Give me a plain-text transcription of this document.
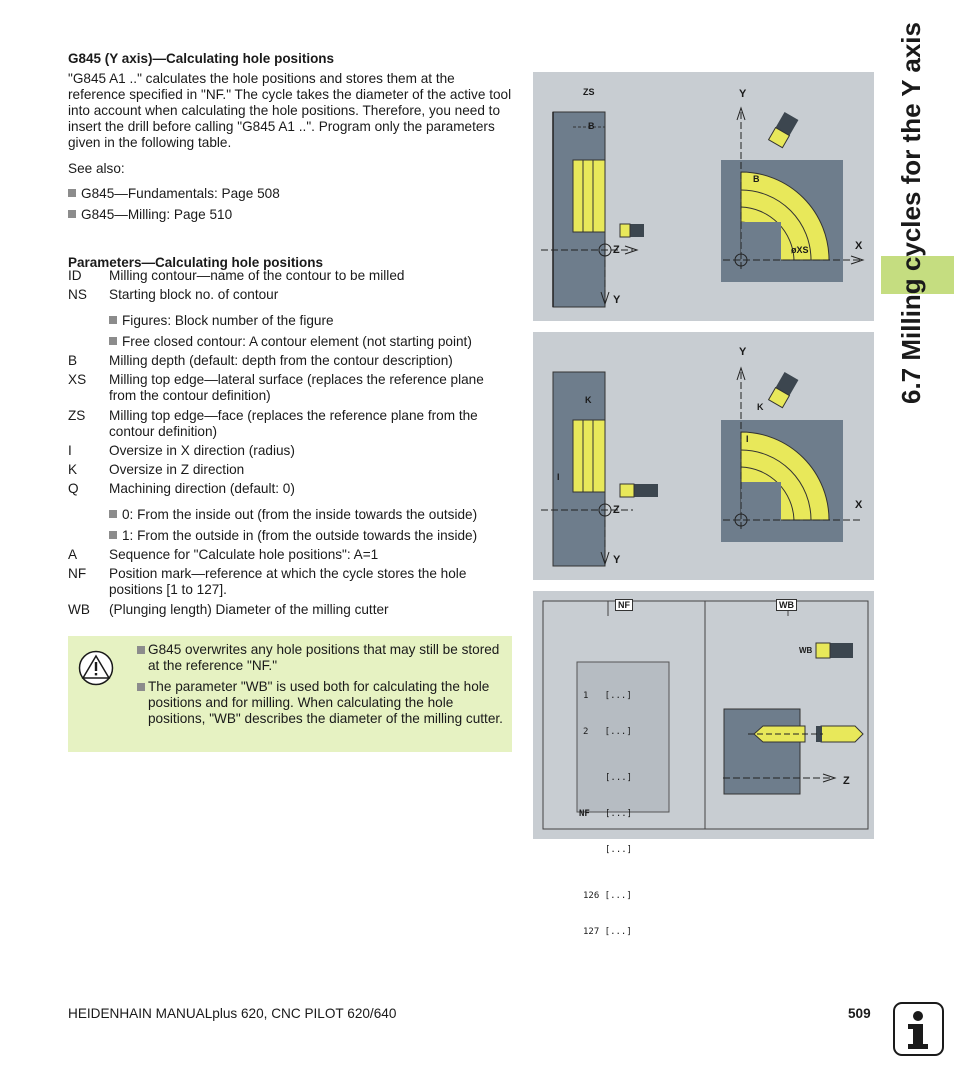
6.7 Milling cycles for the Y axis
G845 (Y axis)—Calculating hole positions
"G845 A1 .." calculates the hole positions and stores them at the reference specified in "NF." The cycle takes the diameter of the active tool into account when calculating the hole positions. Therefore, you need to insert the drill before calling "G845 A1 ..". Program only the parameters given in the following table.
See also:
G845—Fundamentals: Page 508
G845—Milling: Page 510
Parameters—Calculating hole positions
ID	Milling contour—name of the contour to be milled
NS	Starting block no. of contour
Figures: Block number of the figure
Free closed contour: A contour element (not starting point)
B	Milling depth (default: depth from the contour description)
XS	Milling top edge—lateral surface (replaces the reference plane from the contour definition)
ZS	Milling top edge—face (replaces the reference plane from the contour definition)
I	Oversize in X direction (radius)
K	Oversize in Z direction
Q	Machining direction (default: 0)
0: From the inside out (from the inside towards the outside)
1: From the outside in (from the outside towards the inside)
A	Sequence for "Calculate hole positions": A=1
NF	Position mark—reference at which the cycle stores the hole positions [1 to 127].
WB	(Plunging length) Diameter of the milling cutter
G845 overwrites any hole positions that may still be stored at the reference "NF."
The parameter "WB" is used both for calculating the hole positions and for milling. When calculating the hole positions, "WB" describes the diameter of the milling cutter.
ZS
B
Z
Y
Y
B
øXS	X
K
I
Z
Y
Y
K
I
X
NF	WB
WB

1   [...]

2   [...]

[...]

NF [...]

[...]

126 [...]

127 [...]

Z
HEIDENHAIN MANUALplus 620, CNC PILOT 620/640	509
